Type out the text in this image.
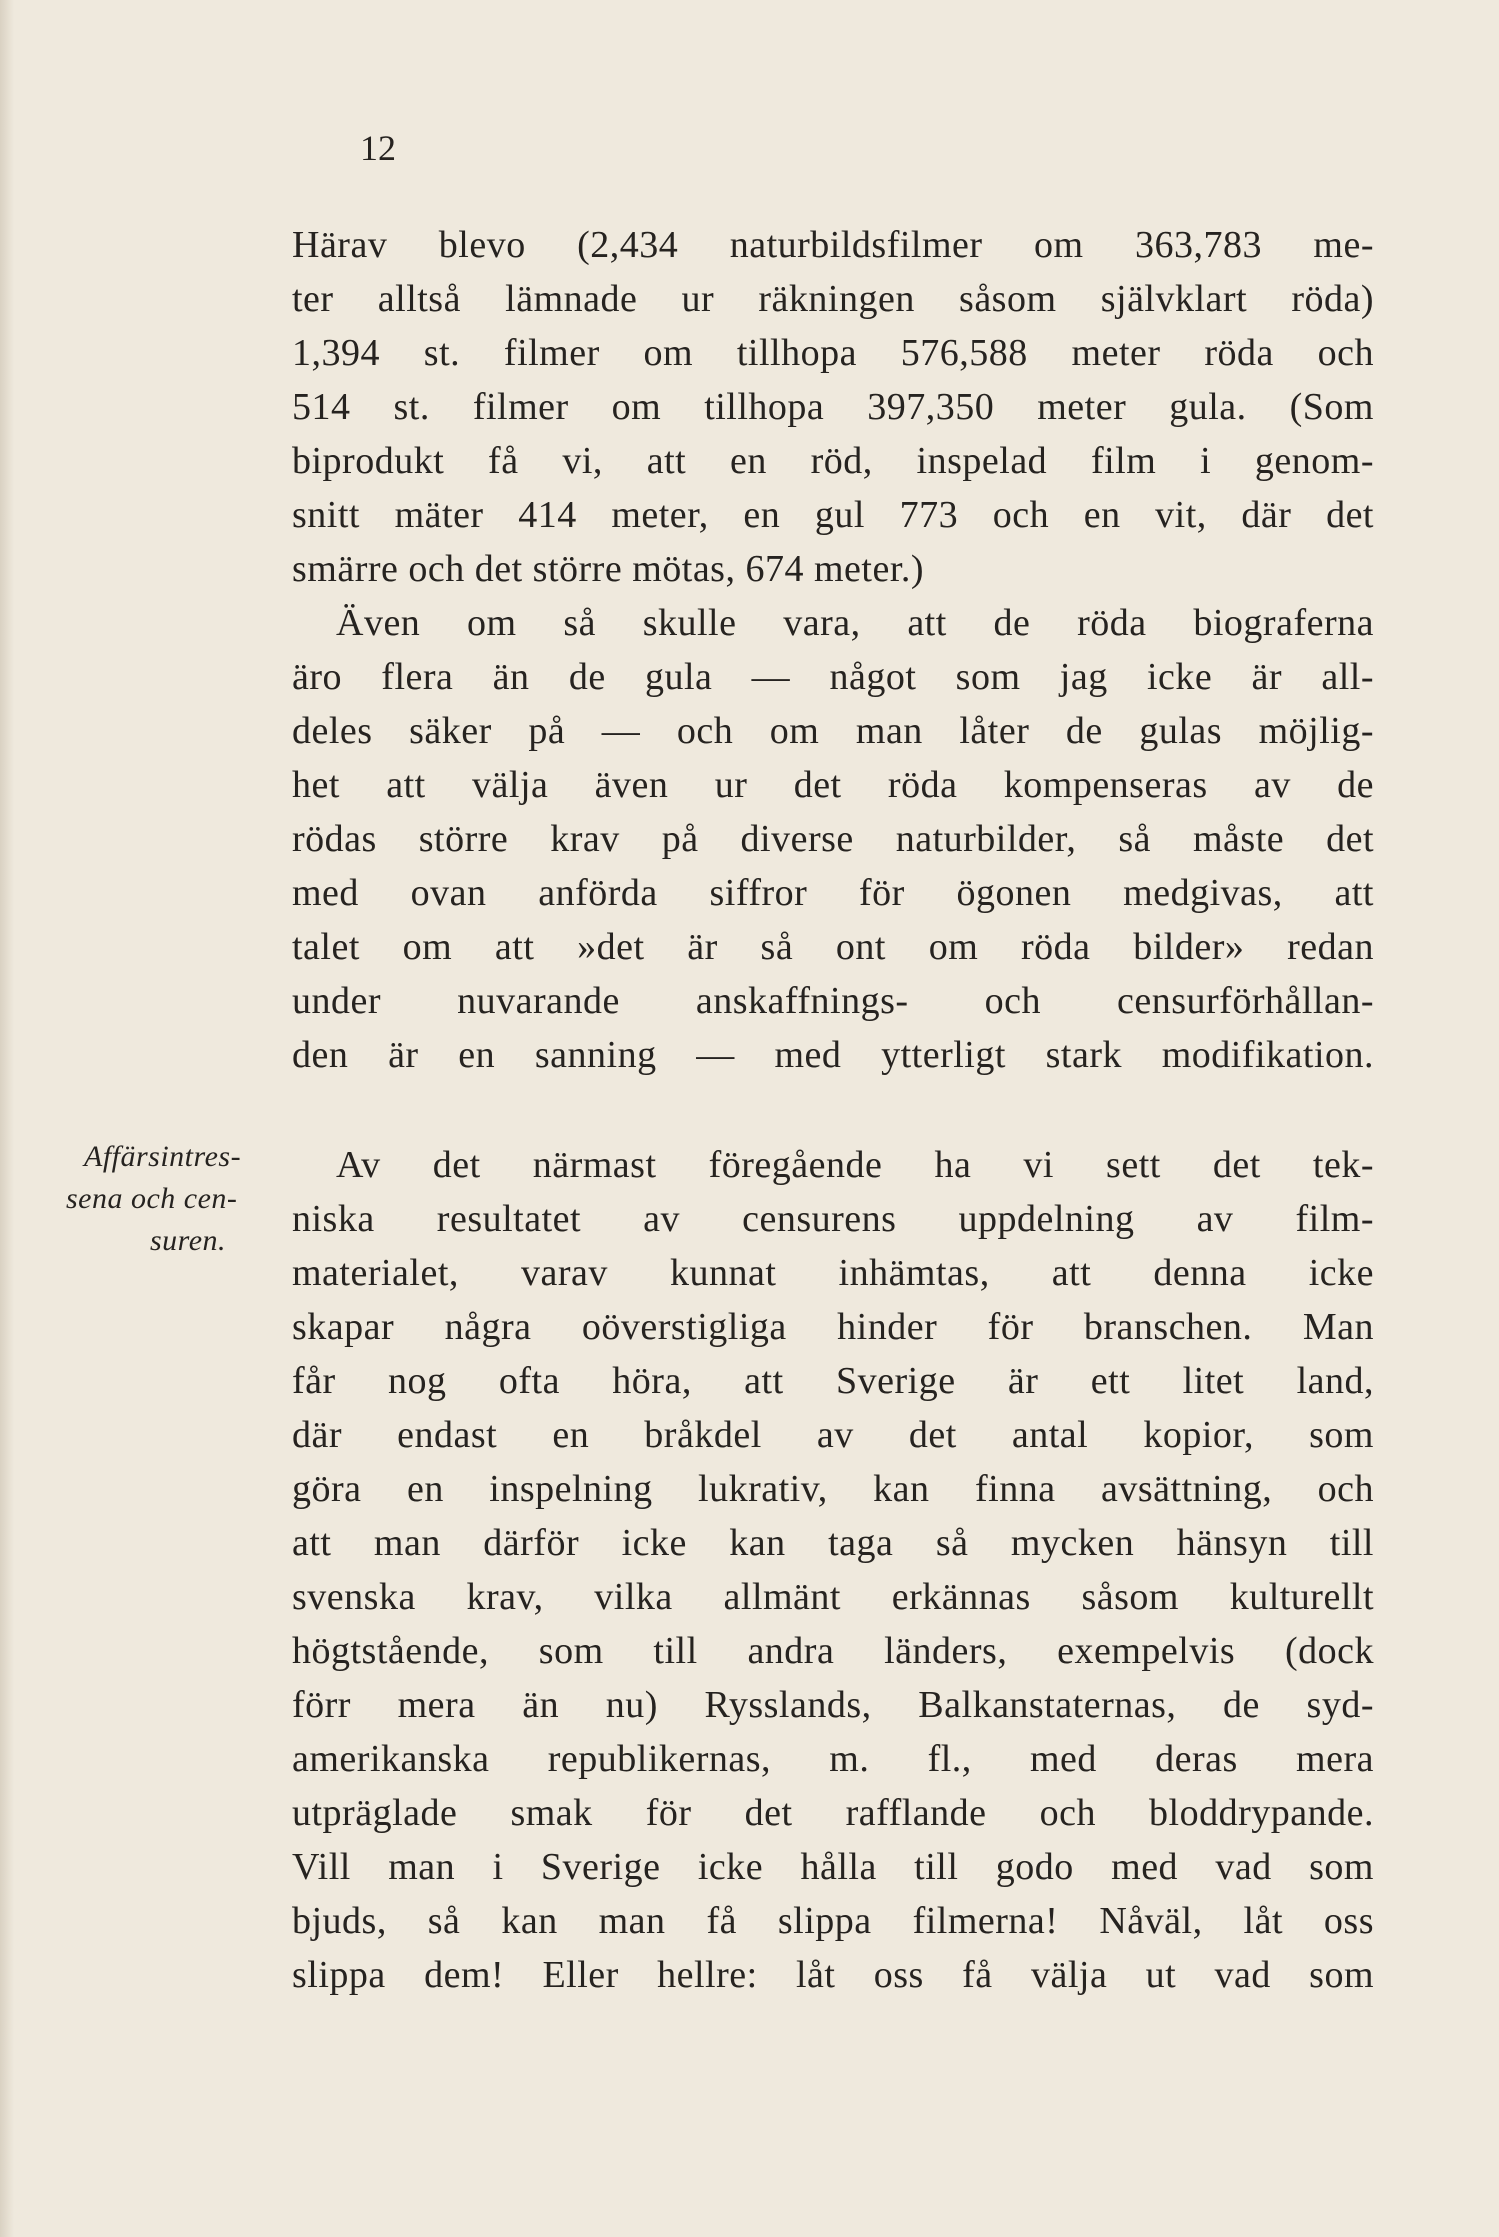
12

Härav blevo (2,434 naturbildsfilmer om 363,783 me-

ter alltså lämnade ur räkningen såsom självklart röda)

1,394 st. filmer om tillhopa 576,588 meter röda och

514 st. filmer om tillhopa 397,350 meter gula. (Som

biprodukt få vi, att en röd, inspelad film i genom-

snitt mäter 414 meter, en gul 773 och en vit, där det

smärre och det större mötas, 674 meter.)

Även om så skulle vara, att de röda biograferna

äro flera än de gula — något som jag icke är all-

deles säker på — och om man låter de gulas möjlig-

het att välja även ur det röda kompenseras av de

rödas större krav på diverse naturbilder, så måste det

med ovan anförda siffror för ögonen medgivas, att

talet om att »det är så ont om röda bilder» redan

under nuvarande anskaffnings- och censurförhållan-

den är en sanning — med ytterligt stark modifikation.

Av det närmast föregående ha vi sett det tek-

niska resultatet av censurens uppdelning av film-

materialet, varav kunnat inhämtas, att denna icke

skapar några oöverstigliga hinder för branschen. Man

får nog ofta höra, att Sverige är ett litet land,

där endast en bråkdel av det antal kopior, som

göra en inspelning lukrativ, kan finna avsättning, och

att man därför icke kan taga så mycken hänsyn till

svenska krav, vilka allmänt erkännas såsom kulturellt

högtstående, som till andra länders, exempelvis (dock

förr mera än nu) Rysslands, Balkanstaternas, de syd-

amerikanska republikernas, m. fl., med deras mera

utpräglade smak för det rafflande och bloddrypande.

Vill man i Sverige icke hålla till godo med vad som

bjuds, så kan man få slippa filmerna! Nåväl, låt oss

slippa dem! Eller hellre: låt oss få välja ut vad som

Affärsintres-

sena och cen-

suren.
